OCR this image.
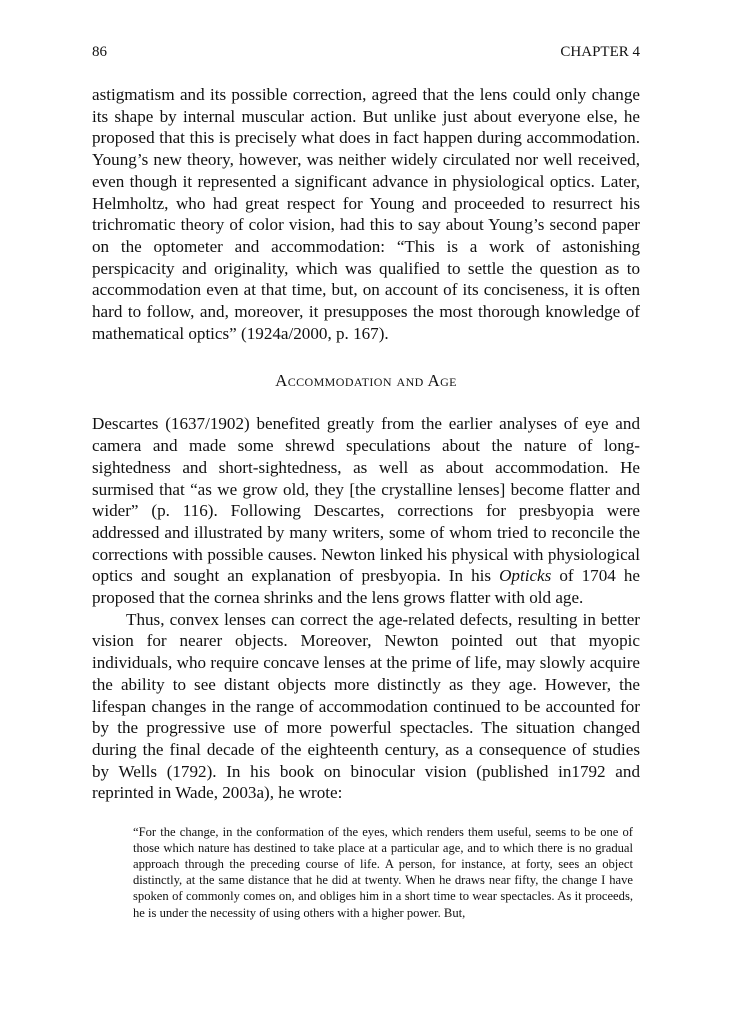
86	CHAPTER 4

astigmatism and its possible correction, agreed that the lens could only change its shape by internal muscular action. But unlike just about everyone else, he proposed that this is precisely what does in fact happen during accommodation. Young’s new theory, however, was neither widely circulated nor well received, even though it represented a significant advance in physiological optics. Later, Helmholtz, who had great respect for Young and proceeded to resurrect his trichromatic theory of color vision, had this to say about Young’s second paper on the optometer and accommodation: “This is a work of astonishing perspicacity and originality, which was qualified to settle the question as to accommodation even at that time, but, on account of its conciseness, it is often hard to follow, and, moreover, it presupposes the most thorough knowledge of mathematical optics” (1924a/2000, p. 167).

Accommodation and Age

Descartes (1637/1902) benefited greatly from the earlier analyses of eye and camera and made some shrewd speculations about the nature of long-sightedness and short-sightedness, as well as about accommodation. He surmised that “as we grow old, they [the crystalline lenses] become flatter and wider” (p. 116). Following Descartes, corrections for presbyopia were addressed and illustrated by many writers, some of whom tried to reconcile the corrections with possible causes. Newton linked his physical with physiological optics and sought an explanation of presbyopia. In his Opticks of 1704 he proposed that the cornea shrinks and the lens grows flatter with old age.

Thus, convex lenses can correct the age-related defects, resulting in better vision for nearer objects. Moreover, Newton pointed out that myopic individuals, who require concave lenses at the prime of life, may slowly acquire the ability to see distant objects more distinctly as they age. However, the lifespan changes in the range of accommodation continued to be accounted for by the progressive use of more powerful spectacles. The situation changed during the final decade of the eighteenth century, as a consequence of studies by Wells (1792). In his book on binocular vision (published in1792 and reprinted in Wade, 2003a), he wrote:

“For the change, in the conformation of the eyes, which renders them useful, seems to be one of those which nature has destined to take place at a particular age, and to which there is no gradual approach through the preceding course of life. A person, for instance, at forty, sees an object distinctly, at the same distance that he did at twenty. When he draws near fifty, the change I have spoken of commonly comes on, and obliges him in a short time to wear spectacles. As it proceeds, he is under the necessity of using others with a higher power. But,
